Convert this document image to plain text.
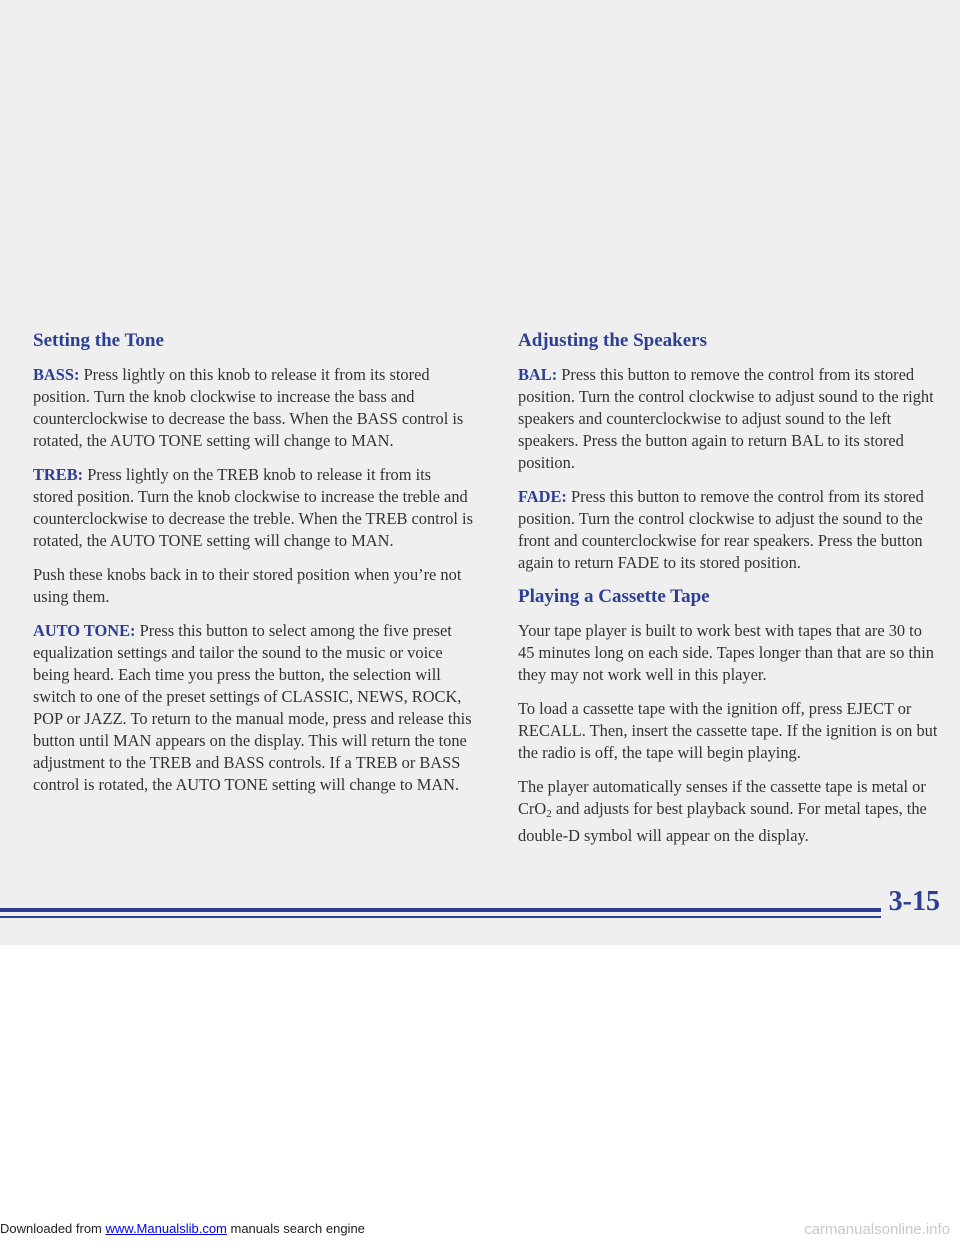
Setting the Tone

BASS: Press lightly on this knob to release it from its stored position. Turn the knob clockwise to increase the bass and counterclockwise to decrease the bass. When the BASS control is rotated, the AUTO TONE setting will change to MAN.

TREB: Press lightly on the TREB knob to release it from its stored position. Turn the knob clockwise to increase the treble and counterclockwise to decrease the treble. When the TREB control is rotated, the AUTO TONE setting will change to MAN.

Push these knobs back in to their stored position when you’re not using them.

AUTO TONE: Press this button to select among the five preset equalization settings and tailor the sound to the music or voice being heard. Each time you press the button, the selection will switch to one of the preset settings of CLASSIC, NEWS, ROCK, POP or JAZZ. To return to the manual mode, press and release this button until MAN appears on the display. This will return the tone adjustment to the TREB and BASS controls. If a TREB or BASS control is rotated, the AUTO TONE setting will change to MAN.

Adjusting the Speakers

BAL: Press this button to remove the control from its stored position. Turn the control clockwise to adjust sound to the right speakers and counterclockwise to adjust sound to the left speakers. Press the button again to return BAL to its stored position.

FADE: Press this button to remove the control from its stored position. Turn the control clockwise to adjust the sound to the front and counterclockwise for rear speakers. Press the button again to return FADE to its stored position.

Playing a Cassette Tape

Your tape player is built to work best with tapes that are 30 to 45 minutes long on each side. Tapes longer than that are so thin they may not work well in this player.

To load a cassette tape with the ignition off, press EJECT or RECALL. Then, insert the cassette tape. If the ignition is on but the radio is off, the tape will begin playing.

The player automatically senses if the cassette tape is metal or CrO$_2$ and adjusts for best playback sound. For metal tapes, the double-D symbol will appear on the display.

3-15
Downloaded from www.Manualslib.com manuals search engine	carmanualsonline.info
